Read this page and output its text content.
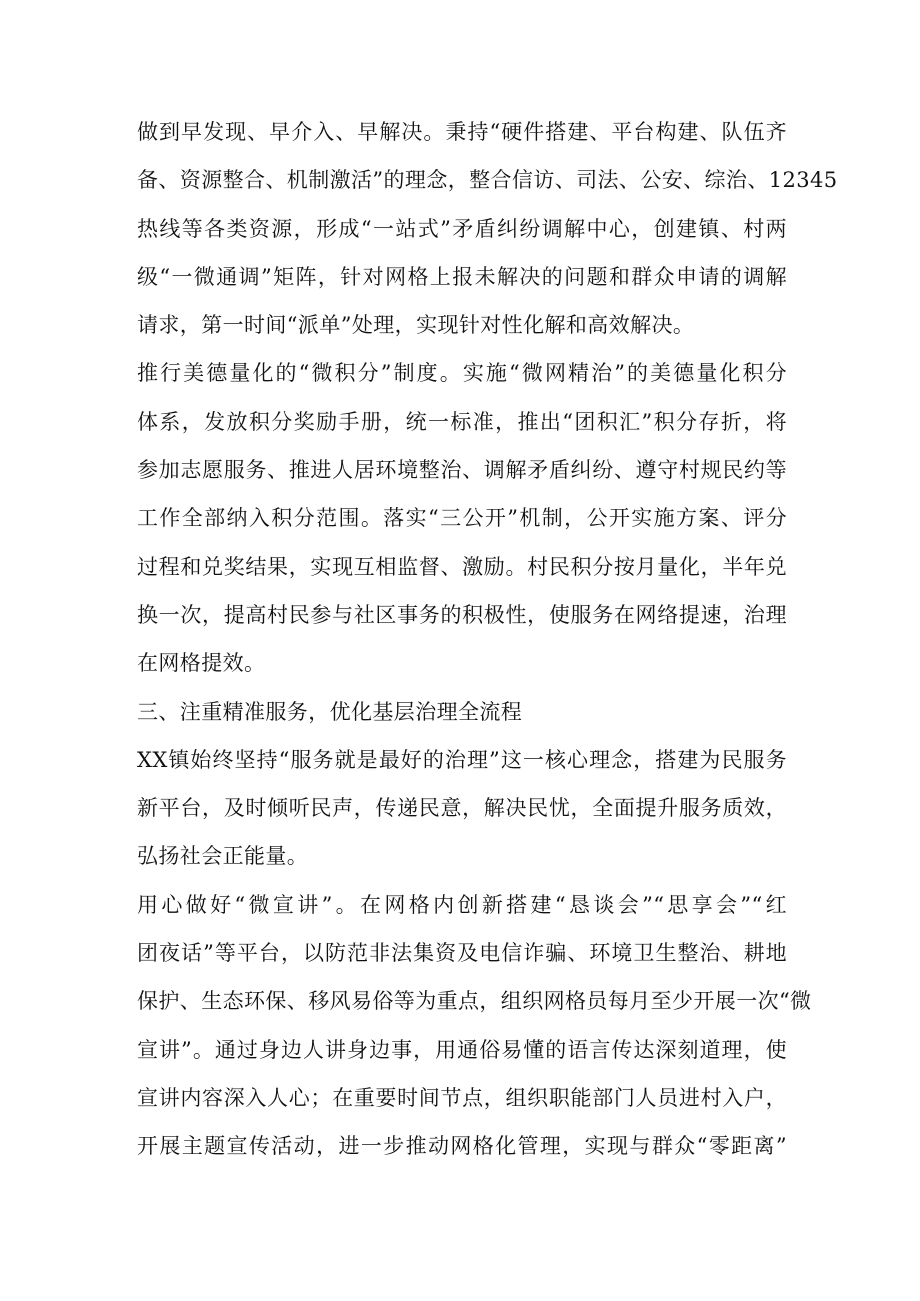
做到早发现、早介入、早解决。秉持“硬件搭建、平台构建、队伍齐
备、资源整合、机制激活”的理念，整合信访、司法、公安、综治、12345
热线等各类资源，形成“一站式”矛盾纠纷调解中心，创建镇、村两
级“一微通调”矩阵，针对网格上报未解决的问题和群众申请的调解
请求，第一时间“派单”处理，实现针对性化解和高效解决。
推行美德量化的“微积分”制度。实施“微网精治”的美德量化积分
体系，发放积分奖励手册，统一标准，推出“团积汇”积分存折，将
参加志愿服务、推进人居环境整治、调解矛盾纠纷、遵守村规民约等
工作全部纳入积分范围。落实“三公开”机制，公开实施方案、评分
过程和兑奖结果，实现互相监督、激励。村民积分按月量化，半年兑
换一次，提高村民参与社区事务的积极性，使服务在网络提速，治理
在网格提效。
三、注重精准服务，优化基层治理全流程
XX镇始终坚持“服务就是最好的治理”这一核心理念，搭建为民服务
新平台，及时倾听民声，传递民意，解决民忧，全面提升服务质效，
弘扬社会正能量。
用心做好“微宣讲”。在网格内创新搭建“恳谈会”“思享会”“红
团夜话”等平台，以防范非法集资及电信诈骗、环境卫生整治、耕地
保护、生态环保、移风易俗等为重点，组织网格员每月至少开展一次“微
宣讲”。通过身边人讲身边事，用通俗易懂的语言传达深刻道理，使
宣讲内容深入人心；在重要时间节点，组织职能部门人员进村入户，
开展主题宣传活动，进一步推动网格化管理，实现与群众“零距离”
